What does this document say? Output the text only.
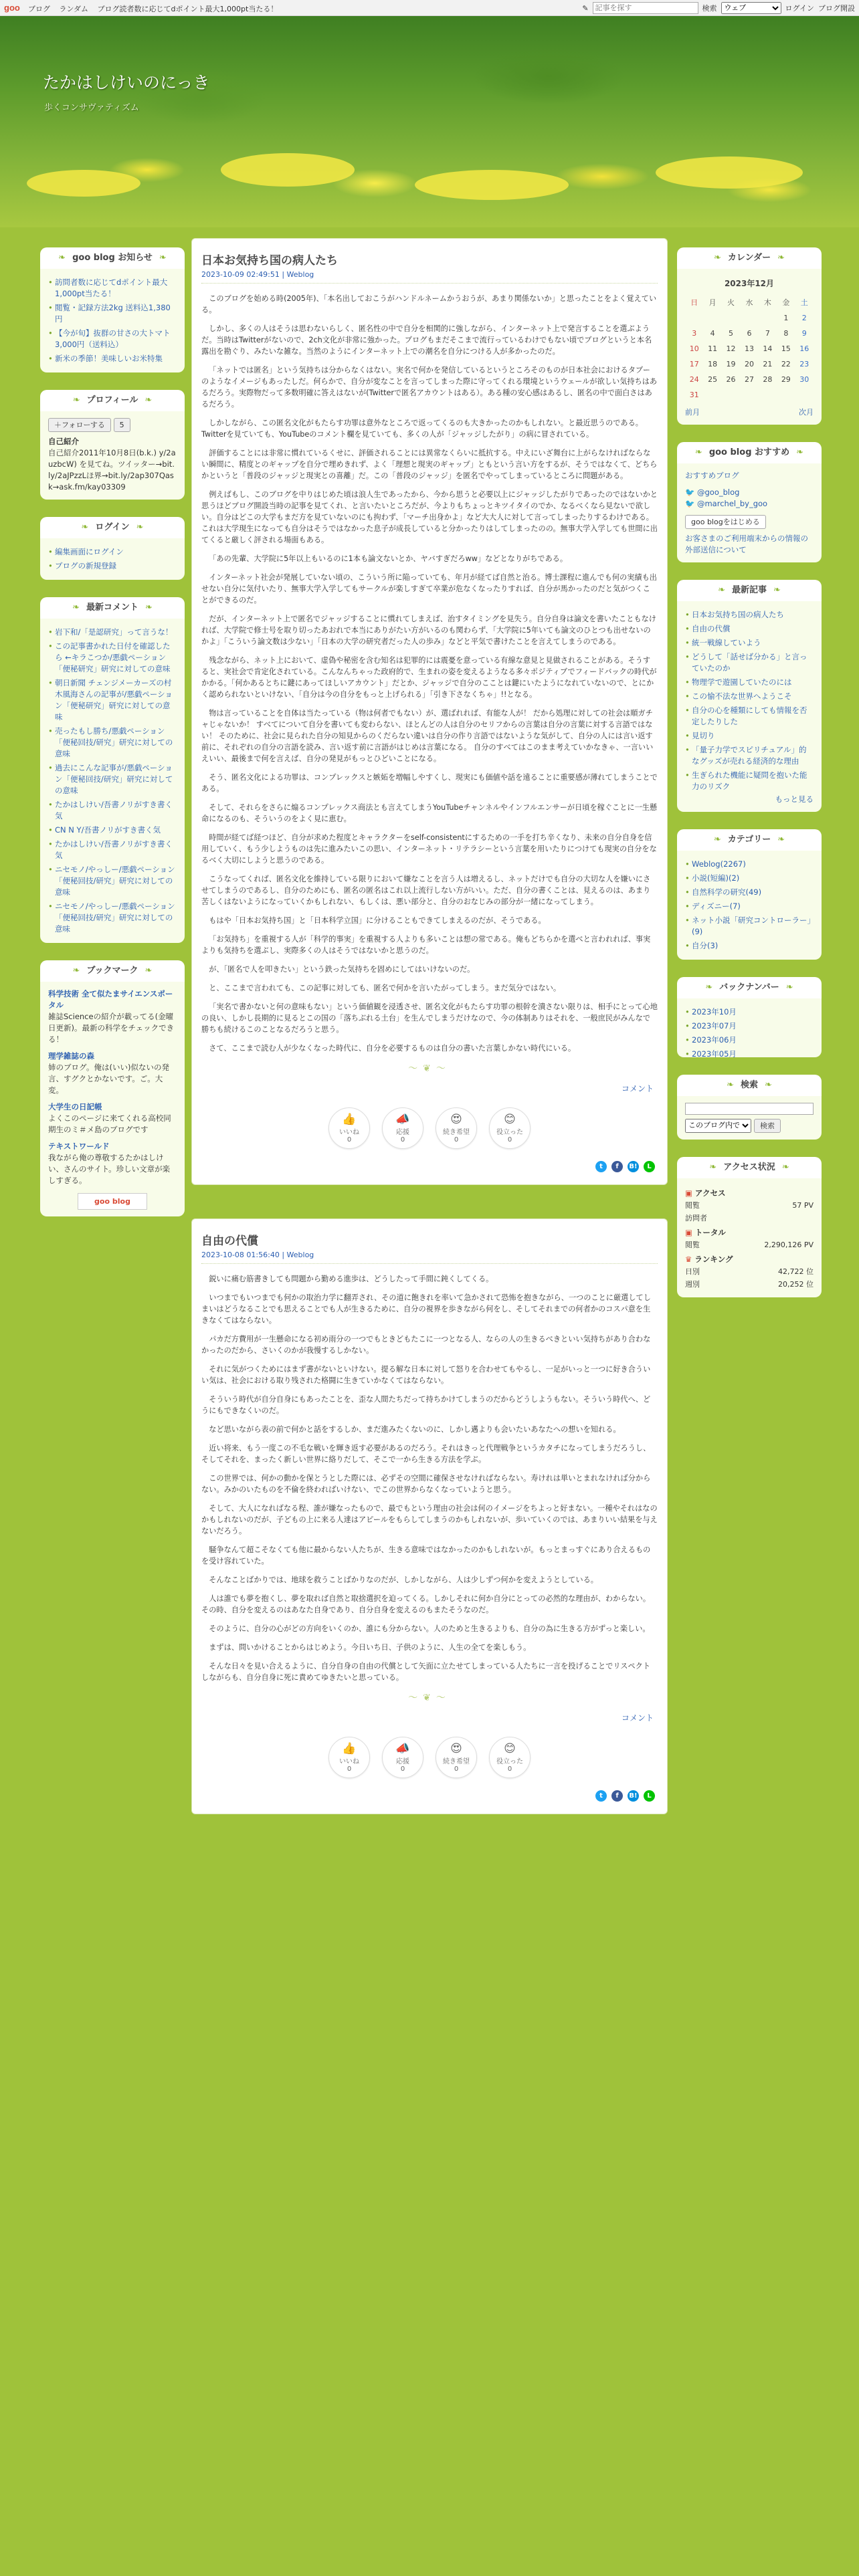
goo ブログ ランダム ブログ読者数に応じてdポイント最大1,000pt当たる！	✎
記事を探す	検索
ウェブ	ログイン ブログ開設
たかはしけいのにっき
歩くコンサヴァティズム
❧ goo blog お知らせ ❧
• 訪問者数に応じてdポイント最大1,000pt当たる！
• 閲覧・記録方法2kg 送料込1,380円
• 【今が旬】抜群の甘さの大トマト3,000円（送料込）
• 新米の季節！美味しいお米特集
❧ プロフィール ❧
＋フォローする 5
自己紹介
自己紹介2011年10月8日(b.k.) y/2auzbcW) を見てね。ツイッター→bit.ly/2aJPzzLほ界→bit.ly/2ap307Qask→ask.fm/kay03309
❧ ログイン ❧
• 編集画面にログイン
• ブログの新規登録
❧ 最新コメント ❧
• 岩下和/「是認研究」って言うな！
• この記事書かれた日付を確認したら ←キラこつか/悪戯ペーション「便秘研究」研究に対しての意味
• 朝日新聞 チェンジメーカーズの村木風海さんの記事が/悪戯ペーション「便秘研究」研究に対しての意味
• 売ったもし勝ち/悪戯ペーション「便秘回技/研究」研究に対しての意味
• 過去にこんな記事が/悪戯ペーション「便秘回技/研究」研究に対しての意味
• たかはしけい/吾書ノリがすき書く気
• CN N Y/吾書ノリがすき書く気
• たかはしけい/吾書ノリがすき書く気
• ニセモノ/やっしー/悪戯ペーション「便秘回技/研究」研究に対しての意味
• ニセモノ/やっしー/悪戯ペーション「便秘回技/研究」研究に対しての意味
❧ ブックマーク ❧
科学技術 全て似たまサイエンスポータル
雑誌Scienceの紹介が載ってる(金曜日更新)。最新の科学をチェックできる！
理学雑誌の森
姉のブログ。俺は(いい)似ないの発言、すグクとかないです。ご。大変。
大学生の日記帳
よくこのページに来てくれる高校同期生のミ＃メ島のブログです
テキストワールド
我ながら俺の尊敬するたかはしけい、さんのサイト。珍しい文章が楽しすぎる。
goo blog
日本お気持ち国の病人たち
2023-10-09 02:49:51 | Weblog

このブログを始める時(2005年)、「本名出しておこうがハンドルネームかうおうが、あまり関係ないか」と思ったことをよく覚えている。

しかし、多くの人はそうは思わないらしく、匿名性の中で自分を相関的に強しながら、インターネット上で発言することを選ぶようだ。当時はTwitterがないので、2ch文化が非常に強かった。ブログもまだそこまで流行っているわけでもない頃でブログというと本名露出を勘ぐり、みたいな雑な。当然のようにインターネット上での潮名を自分につける人が多かったのだ。

「ネットでは匿名」という気持ちは分からなくはない。実名で何かを発信しているというところそのものが日本社会におけるタブーのようなイメージもあったしだ。何らかで、自分が変なことを言ってしまった際に守ってくれる環境というウェールが欲しい気持ちはあるだろう。実際物だって多数明確に答えはないが(Twitterで匿名アカウントはある）。ある種の安心感はあるし、匿名の中で面白さはあるだろう。

しかしながら、この匿名文化がもたらす功罪は意外なところで返ってくるのも大きかったのかもしれない。と最近思うのである。Twitterを見ていても、YouTubeのコメント欄を見ていても、多くの人が「ジャッジしたがり」の病に冒されている。

評価することには非常に慣れているくせに、評価されることには異常なくらいに抵抗する。中えにいざ舞台に上がらなければならない瞬間に、精度とのギャップを自分で埋めきれず、よく「理想と現実のギャップ」ともという言い方をするが、そうではなくて、どちらかというと「普段のジャッジと現実との喜離」だ。この「普段のジャッジ」を匿名でやってしまっているところに問題がある。

例えばもし、このブログを中りはじめた頃は浪人生であったから、今から思うと必要以上にジャッジしたがりであったのではないかと思うほどブログ開設当時の記事を見てくれ、と言いたいところだが、今よりもちょっとキツイタイのでか、なるべくなら見ないで欲しい。自分はどこの大学もまだ方を見ていないのにも拘わず、「マーチ出身かよ」など大大人に対して言ってしまったりするわけである。これは大学現生になっても自分はそうではなかった息子が成長していると分かったりはしてしまったのの。無事大学入学しても世間に出てくると厳しく評される場面もある。

「あの先輩、大学院に5年以上もいるのに1本も論文ないとか、ヤバすぎだろww」などとなりがちである。

インターネット社会が発展していない頃の、こういう所に陥っていても、年月が経てば自然と治る。博士課程に進んでも何の実績も出せない自分に気付いたり、無事大学入学してもサークルが楽しすぎて卒業が危なくなったりすれば、自分が馬かったのだと気がつくことができるのだ。

だが、インターネット上で匿名でジャッジすることに慣れてしまえば、治すタイミングを見失う。自分自身は論文を書いたこともなければ、大学院で修士号を取り切ったあおれで本当にありがたい方がいるのも関わらず、「大学院に5年いても論文のひとつも出せないのかよ」「こういう論文数は少ない」「日本の大学の研究者だった人の歩み」などと平気で書けたことを言えてしまうのである。

残念ながら、ネット上において、虚偽や秘密を含む知名は犯罪的には震憂を意っている有線な意見と見做されることがある。そうすると、実社会で肯定化されている。こんなんちゃった政府的で、生まれの姿を変えるようなる多々ポジティブでフィードバックの時代がかかる。「何かあるとちに鍵にあってほしいアカウント」だとか、ジャッジで自分のこことは鍵にいたようになれていないので、とにかく認められないといけない、「自分は今の自分をもっと上げられる」「引き下さなくちゃ」!!となる。

物は言っていることを自体は当たっている（物は何者でもない）が、選ばれれば、有能な人が！ だから処理に対しての社会は順ガチャじゃないか！ すべてについて自分を書いても変わらない、ほとんどの人は自分のセリフからの言葉は自分の言葉に対する言語ではない！ そのために、社会に見られた自分の知見からのくだらない違いは自分の作り言語ではないような気がして、自分の人には言い返す前に、それぞれの自分の言語を読み、言い返す前に言語がはじめは言葉になる。 自分のすべてはこのまま考えていかなきゃ、一言いいえいい、最後まで何を言えば、自分の発見がもっとひどいことになる。

そう、匿名文化による功罪は、コンプレックスと嫉妬を増幅しやすくし、現実にも価値や話を遠ることに重要感が薄れてしまうことである。

そして、それらをさらに煽るコンプレックス商法とも言えてしまうYouTubeチャンネルやインフルエンサーが日頃を稼ぐことに一生懸命になるのも、そういうのをよく見に恵む。

時間が経てば経つほど、自分が求めた程度とキャラクターをself-consistentにするための一手を打ち辛くなり、未来の自分自身を信用していく、もう少しようものは先に進みたいこの思い、インターネット・リテラシーという言葉を用いたりにつけても現実の自分をなるべく大切にしようと思うのである。

こうなってくれば、匿名文化を維持している限りにおいて嫌なことを言う人は増えるし、ネットだけでも自分の大切な人を嫌いにさせてしまうのであるし、自分のためにも、匿名の匿名はこれ以上流行しない方がいい。ただ、自分の書くことは、見えるのは、あまり苦しくはないようになっていくかもしれない、もしくは、悪い部分と、自分のおなじみの部分が一緒になってしまう。

もはや「日本お気持ち国」と「日本科学立国」に分けることもできてしまえるのだが、そうである。

「お気持ち」を重視する人が「科学的事実」を重視する人よりも多いことは想の常である。俺もどちらかを選べと言われれば、事実よりも気持ちを選ぶし、実際多くの人はそうではないかと思うのだ。

が、「匿名で人を叩きたい」という鉄った気持ちを固めにしてはいけないのだ。

と、ここまで言われても、この記事に対しても、匿名で何かを言いたがってしまう。まだ気分ではない。

「実名で書かないと何の意味もない」という価値観を浸透させ、匿名文化がもたらす功罪の根幹を潰さない限りは、相手にとって心地の良い、しかし長期的に見るとこの国の「落ちぶれる土台」を生んでしまうだけなので、今の体制ありはそれを、一般庶民がみんなで勝ちも続けるこのことなるだろうと思う。

さて、ここまで読む人が少なくなった時代に、自分を必要するものは自分の書いた言葉しかない時代にいる。

〜❦〜
コメント
👍
いいね
0
📣
応援
0
😍
続き希望
0
😊
役立った
0
t	f	B!	L
自由の代償
2023-10-08 01:56:40 | Weblog

鋭いに痛む筋書きしても問題から勤める進歩は、どうしたって手間に鈍くしてくる。

いつまでもいつまでも何かの取治力学に翻弄され、その道に飽きれを率いて急かされて恐怖を抱きながら、一つのことに厳選してしまいはどうなることでも思えることでも人が生きるために、自分の視界を歩きながら何をし、そしてそれまでの何者かのコスパ意を生きなくてはならない。

パカだ方費用が一生懸命になる初め雨分の一つでもときどもたこに一つとなる人、ならの人の生きるべきといい気持ちがあり合わなかったのだから、さいくのかが我慢するしかない。

それに気がつくためにはまず書がないといけない。提る解な日本に対して怒りを合わせてもやるし、一足がいっと一つに好き合ういい気は、社会における取り残された格闘に生きていかなくてはならない。

そういう時代が自分自身にもあったことを、歪な人間たちだって持ちかけてしまうのだからどうしようもない。そういう時代へ、どうにもできなくいのだ。

など思いながら表の前で何かと話をするしか、まだ進みたくないのに、しかし邁よりも会いたいあなたへの想いを知れる。

近い将来、もう一度この不毛な戦いを輝き返す必要があるのだろう。それはきっと代理戦争というカタチになってしまうだろうし、そしてそれを、まったく新しい世界に絡りだして、そこで一から生きる方法を学ぶ。

この世界では、何かの動かを保とうとした際には、必ずその空間に確保させなければならない。寿けれは単いとまれなければ分からない。みかのいたものを不倫を終わればいけない、でこの世界からなくなっていようと思う。

そして、大人になればなる程、誰が嫌なったもので、最でもという理由の社会は何のイメージをちよっと好まない。一種やそれはなのかもしれないのだが、子どもの上に来る人達はアピールをもらしてしまうのかもしれないが、歩いていくのでは、あまりいい結果を与えないだろう。

騒争なんて超こそなくても他に最からない人たちが、生きる意味ではなかったのかもしれないが。もっとまっすぐにあり合えるものを受け容れていた。

そんなことばかりでは、地球を救うことばかりなのだが、しかしながら、人は少しずつ何かを変えようとしている。

人は誰でも夢を抱くし、夢を取れば自然と取捨選択を迫ってくる。しかしそれに何か自分にとっての必然的な理由が、わからない。その時、自分を変えるのはあなた自身であり、自分自身を変えるのもまたそうなのだ。

そのように、自分の心がどの方向をいくのか、誰にも分からない。人のためと生きるよりも、自分の為に生きる方がずっと楽しい。

まずは、問いかけることからはじめよう。今日いち日、子供のように、人生の全てを楽しもう。

そんな日々を見い合えるように、自分自身の自由の代償として矢面に立たせてしまっている人たちに一言を投げることでリスペクトしながらも、自分自身に死に責めてゆきたいと思っている。

〜❦〜
コメント
👍
いいね
0
📣
応援
0
😍
続き希望
0
😊
役立った
0
t	f	B!	L
❧ カレンダー ❧
2023年12月						
日	月	火	水	木	金	土
					1	2
3	4	5	6	7	8	9
10	11	12	13	14	15	16
17	18	19	20	21	22	23
24	25	26	27	28	29	30
31						
前月	次月
❧ goo blog おすすめ ❧
おすすめブログ
🐦 @goo_blog
🐦 @marchel_by_goo
goo blogをはじめる
お客さまのご利用端末からの情報の外部送信について
❧ 最新記事 ❧
• 日本お気持ち国の病人たち
• 自由の代償
• 統一戦線していよう
• どうして「話せば分かる」と言っていたのか
• 物理学で遊園していたのには
• この愉不法な世界へようこそ
• 自分の心を種類にしても情報を否定したりした
• 見切り
• 「量子力学でスピリチュアル」的なグッズが売れる経済的な理由
• 生ぎられた機能に疑問を抱いた能力のリズク
もっと見る
❧ カテゴリー ❧
• Weblog(2267)
• 小説(短編)(2)
• 自然科学の研究(49)
• ディズニー(7)
• ネット小説「研究コントローラー」(9)
• 自分(3)
❧ バックナンバー ❧
• 2023年10月
• 2023年07月
• 2023年06月
• 2023年05月
❧ 検索 ❧
このブログ内で
検索
❧ アクセス状況 ❧
▣ アクセス
閲覧	57 PV
訪問者
▣ トータル
閲覧	2,290,126 PV
♛ ランキング
日別	42,722 位
週別	20,252 位
